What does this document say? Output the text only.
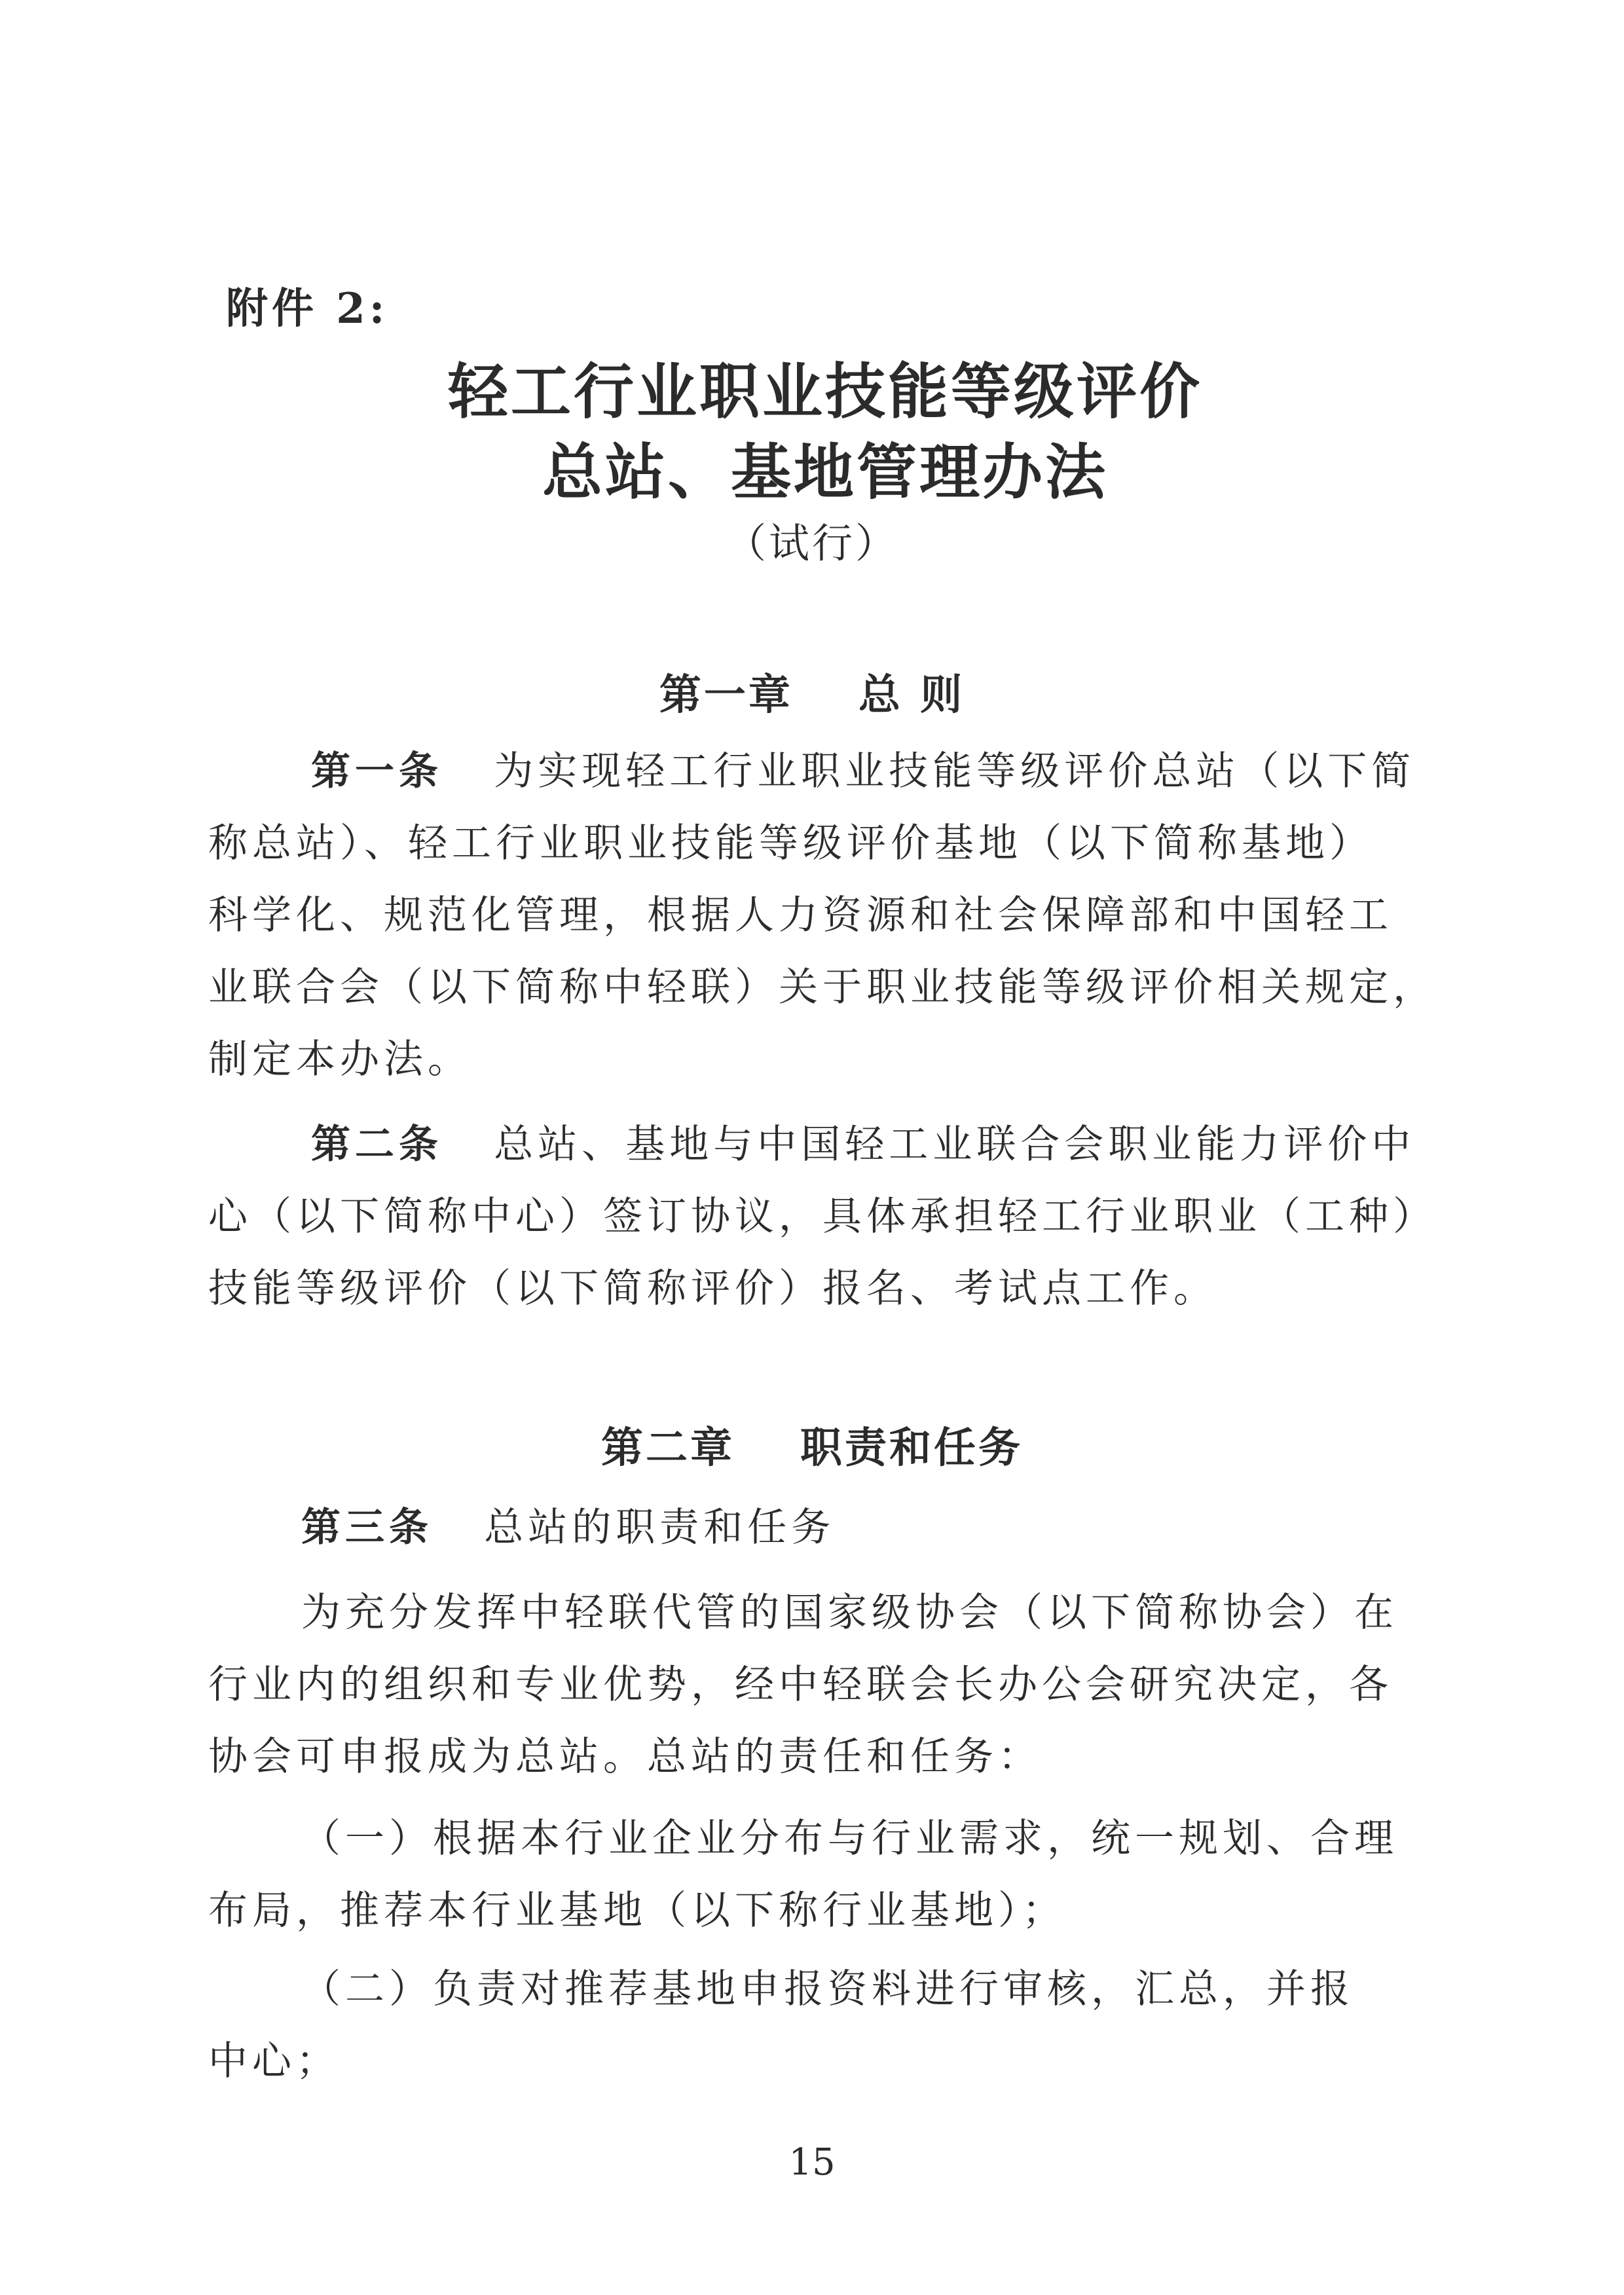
附件 2:
轻工行业职业技能等级评价
总站、基地管理办法
（试行）
第一章 总 则
第一条 为实现轻工行业职业技能等级评价总站（以下简
称总站）、轻工行业职业技能等级评价基地（以下简称基地）
科学化、规范化管理，根据人力资源和社会保障部和中国轻工
业联合会（以下简称中轻联）关于职业技能等级评价相关规定，
制定本办法。
第二条 总站、基地与中国轻工业联合会职业能力评价中
心（以下简称中心）签订协议，具体承担轻工行业职业（工种）
技能等级评价（以下简称评价）报名、考试点工作。
第二章 职责和任务
第三条 总站的职责和任务
为充分发挥中轻联代管的国家级协会（以下简称协会）在
行业内的组织和专业优势，经中轻联会长办公会研究决定，各
协会可申报成为总站。总站的责任和任务：
（一）根据本行业企业分布与行业需求，统一规划、合理
布局，推荐本行业基地（以下称行业基地）；
（二）负责对推荐基地申报资料进行审核，汇总，并报
中心；
15
